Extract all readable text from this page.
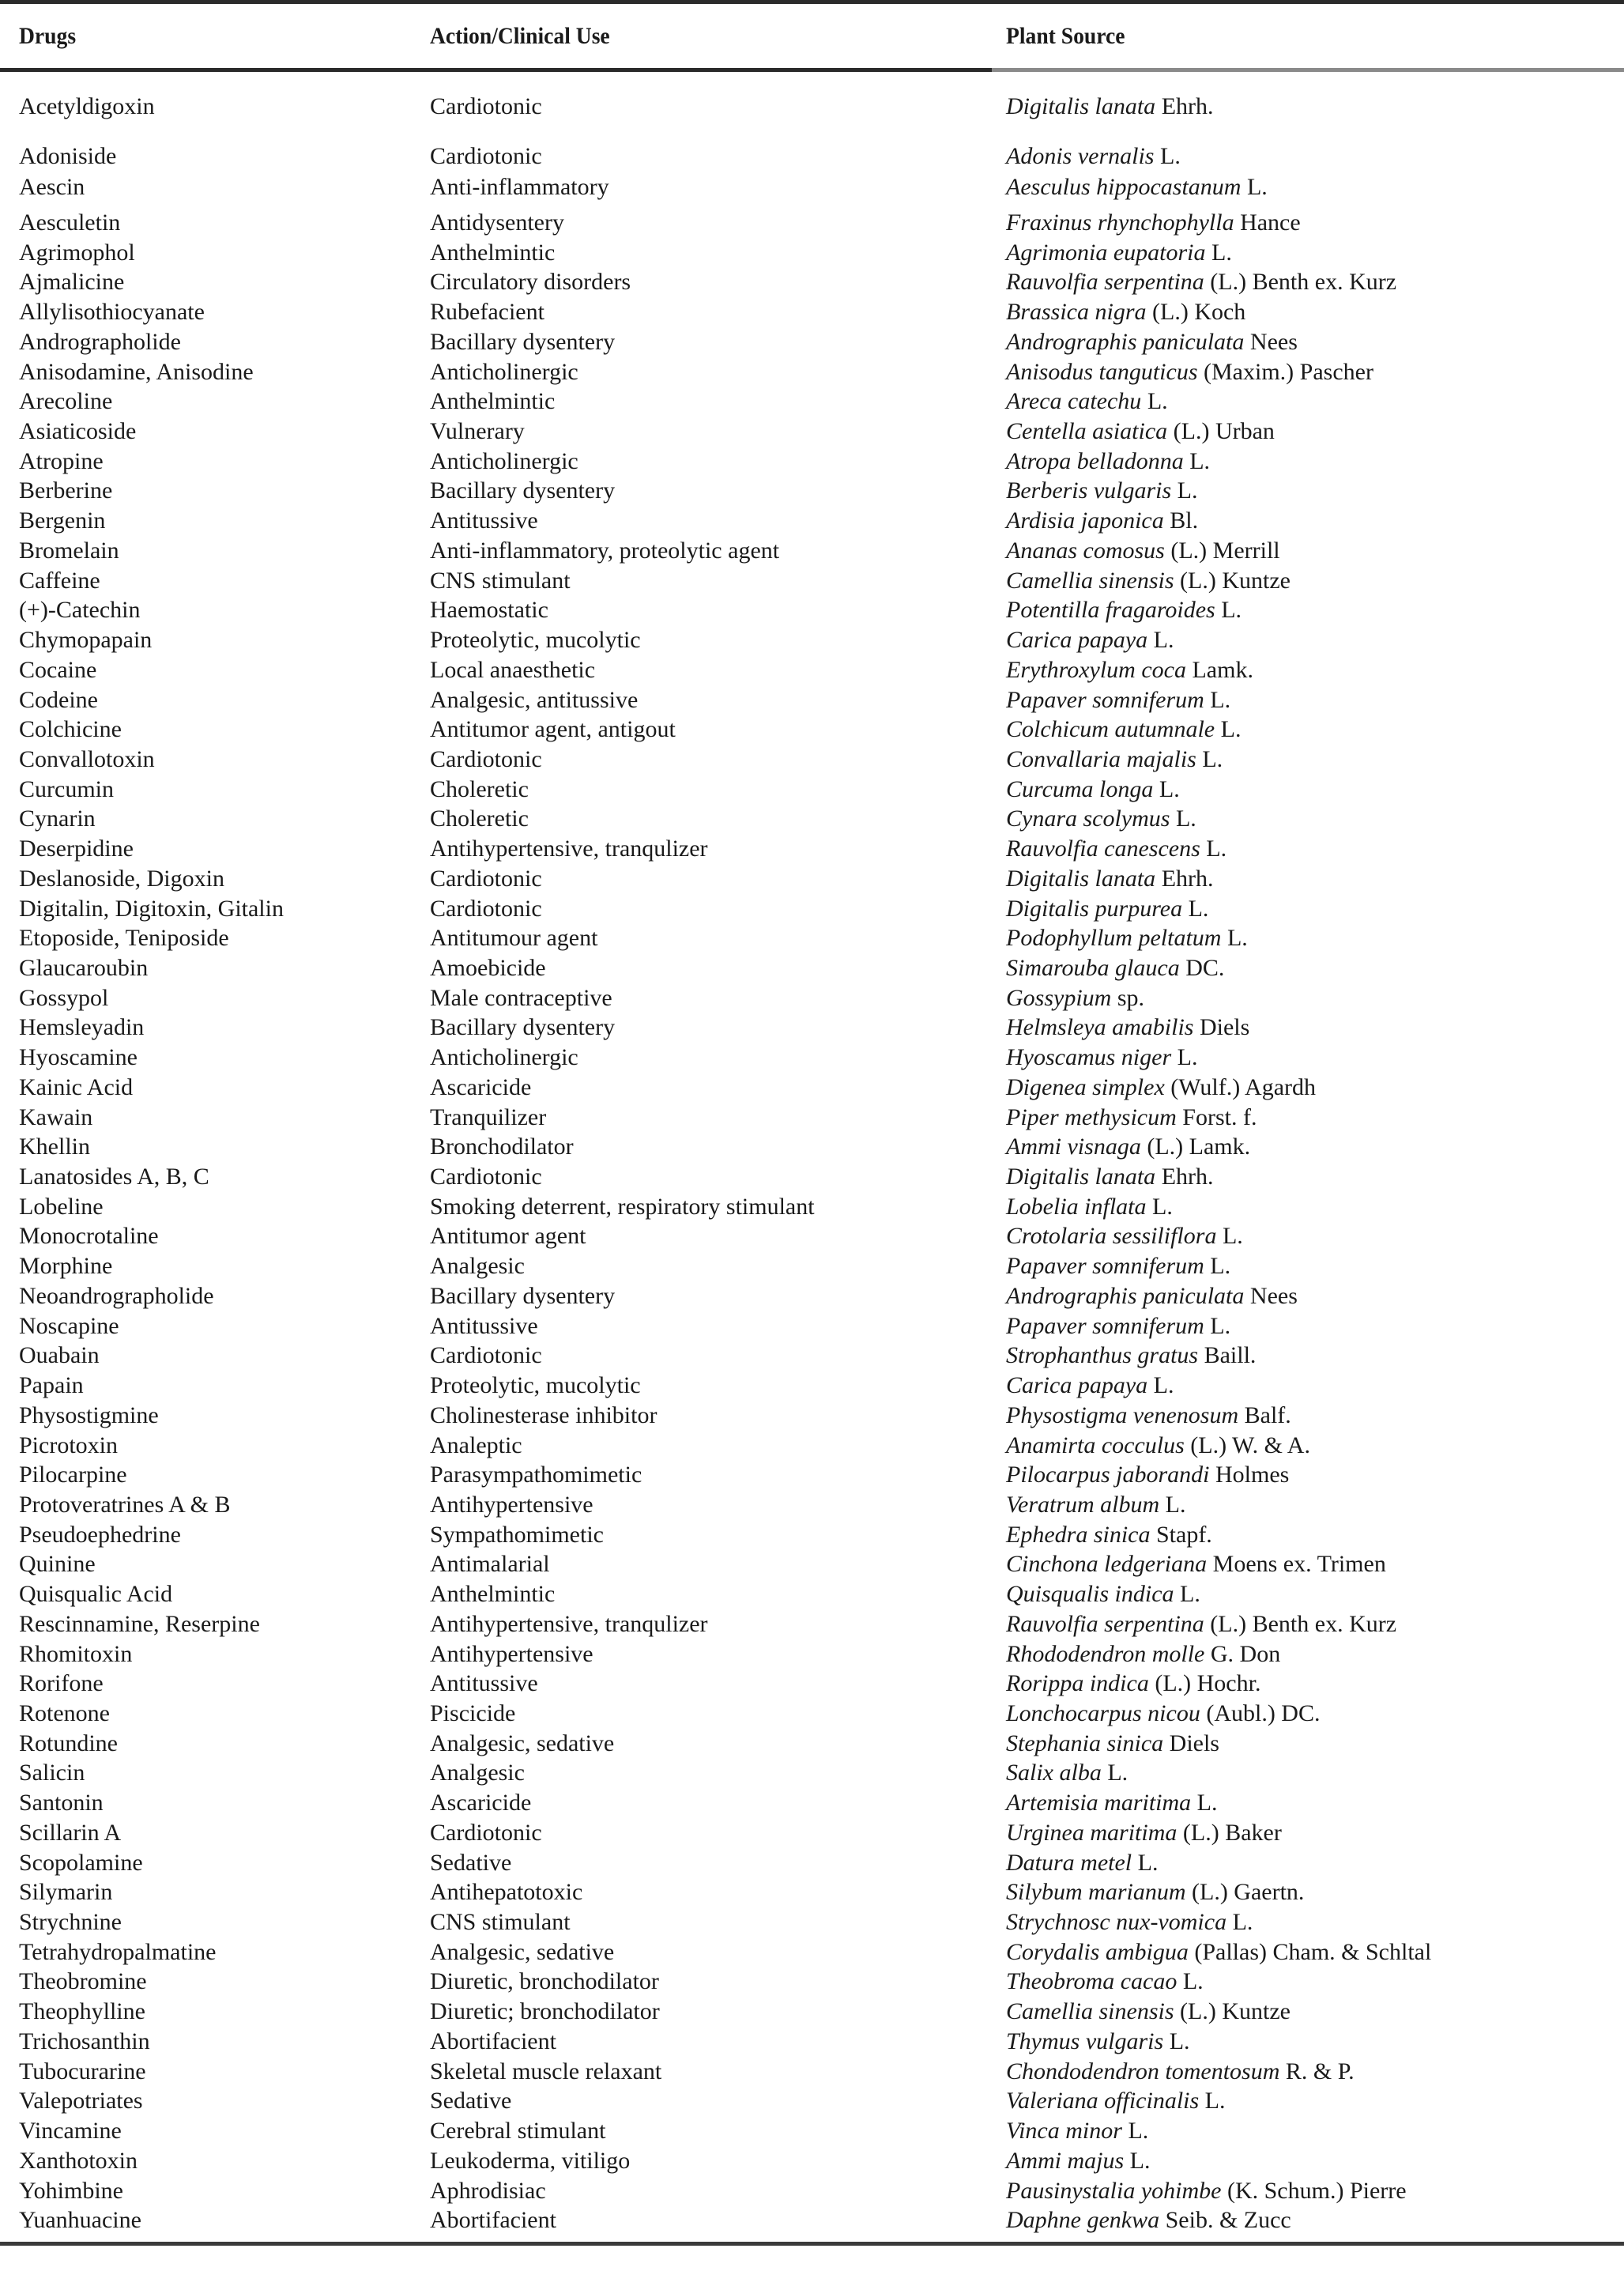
Drugs	Action/Clinical Use	Plant Source
Acetyldigoxin	Cardiotonic	Digitalis lanata Ehrh.
Adoniside	Cardiotonic	Adonis vernalis L.
Aescin	Anti-inflammatory	Aesculus hippocastanum L.
Aesculetin	Antidysentery	Fraxinus rhynchophylla Hance
Agrimophol	Anthelmintic	Agrimonia eupatoria L.
Ajmalicine	Circulatory disorders	Rauvolfia serpentina (L.) Benth ex. Kurz
Allylisothiocyanate	Rubefacient	Brassica nigra (L.) Koch
Andrographolide	Bacillary dysentery	Andrographis paniculata Nees
Anisodamine, Anisodine	Anticholinergic	Anisodus tanguticus (Maxim.) Pascher
Arecoline	Anthelmintic	Areca catechu L.
Asiaticoside	Vulnerary	Centella asiatica (L.) Urban
Atropine	Anticholinergic	Atropa belladonna L.
Berberine	Bacillary dysentery	Berberis vulgaris L.
Bergenin	Antitussive	Ardisia japonica Bl.
Bromelain	Anti-inflammatory, proteolytic agent	Ananas comosus (L.) Merrill
Caffeine	CNS stimulant	Camellia sinensis (L.) Kuntze
(+)-Catechin	Haemostatic	Potentilla fragaroides L.
Chymopapain	Proteolytic, mucolytic	Carica papaya L.
Cocaine	Local anaesthetic	Erythroxylum coca Lamk.
Codeine	Analgesic, antitussive	Papaver somniferum L.
Colchicine	Antitumor agent, antigout	Colchicum autumnale L.
Convallotoxin	Cardiotonic	Convallaria majalis L.
Curcumin	Choleretic	Curcuma longa L.
Cynarin	Choleretic	Cynara scolymus L.
Deserpidine	Antihypertensive, tranqulizer	Rauvolfia canescens L.
Deslanoside, Digoxin	Cardiotonic	Digitalis lanata Ehrh.
Digitalin, Digitoxin, Gitalin	Cardiotonic	Digitalis purpurea L.
Etoposide, Teniposide	Antitumour agent	Podophyllum peltatum L.
Glaucaroubin	Amoebicide	Simarouba glauca DC.
Gossypol	Male contraceptive	Gossypium sp.
Hemsleyadin	Bacillary dysentery	Helmsleya amabilis Diels
Hyoscamine	Anticholinergic	Hyoscamus niger L.
Kainic Acid	Ascaricide	Digenea simplex (Wulf.) Agardh
Kawain	Tranquilizer	Piper methysicum Forst. f.
Khellin	Bronchodilator	Ammi visnaga (L.) Lamk.
Lanatosides A, B, C	Cardiotonic	Digitalis lanata Ehrh.
Lobeline	Smoking deterrent, respiratory stimulant	Lobelia inflata L.
Monocrotaline	Antitumor agent	Crotolaria sessiliflora L.
Morphine	Analgesic	Papaver somniferum L.
Neoandrographolide	Bacillary dysentery	Andrographis paniculata Nees
Noscapine	Antitussive	Papaver somniferum L.
Ouabain	Cardiotonic	Strophanthus gratus Baill.
Papain	Proteolytic, mucolytic	Carica papaya L.
Physostigmine	Cholinesterase inhibitor	Physostigma venenosum Balf.
Picrotoxin	Analeptic	Anamirta cocculus (L.) W. & A.
Pilocarpine	Parasympathomimetic	Pilocarpus jaborandi Holmes
Protoveratrines A & B	Antihypertensive	Veratrum album L.
Pseudoephedrine	Sympathomimetic	Ephedra sinica Stapf.
Quinine	Antimalarial	Cinchona ledgeriana Moens ex. Trimen
Quisqualic Acid	Anthelmintic	Quisqualis indica L.
Rescinnamine, Reserpine	Antihypertensive, tranqulizer	Rauvolfia serpentina (L.) Benth ex. Kurz
Rhomitoxin	Antihypertensive	Rhododendron molle G. Don
Rorifone	Antitussive	Rorippa indica (L.) Hochr.
Rotenone	Piscicide	Lonchocarpus nicou (Aubl.) DC.
Rotundine	Analgesic, sedative	Stephania sinica Diels
Salicin	Analgesic	Salix alba L.
Santonin	Ascaricide	Artemisia maritima L.
Scillarin A	Cardiotonic	Urginea maritima (L.) Baker
Scopolamine	Sedative	Datura metel L.
Silymarin	Antihepatotoxic	Silybum marianum (L.) Gaertn.
Strychnine	CNS stimulant	Strychnosc nux-vomica L.
Tetrahydropalmatine	Analgesic, sedative	Corydalis ambigua (Pallas) Cham. & Schltal
Theobromine	Diuretic, bronchodilator	Theobroma cacao L.
Theophylline	Diuretic; bronchodilator	Camellia sinensis (L.) Kuntze
Trichosanthin	Abortifacient	Thymus vulgaris L.
Tubocurarine	Skeletal muscle relaxant	Chondodendron tomentosum R. & P.
Valepotriates	Sedative	Valeriana officinalis L.
Vincamine	Cerebral stimulant	Vinca minor L.
Xanthotoxin	Leukoderma, vitiligo	Ammi majus L.
Yohimbine	Aphrodisiac	Pausinystalia yohimbe (K. Schum.) Pierre
Yuanhuacine	Abortifacient	Daphne genkwa Seib. & Zucc
